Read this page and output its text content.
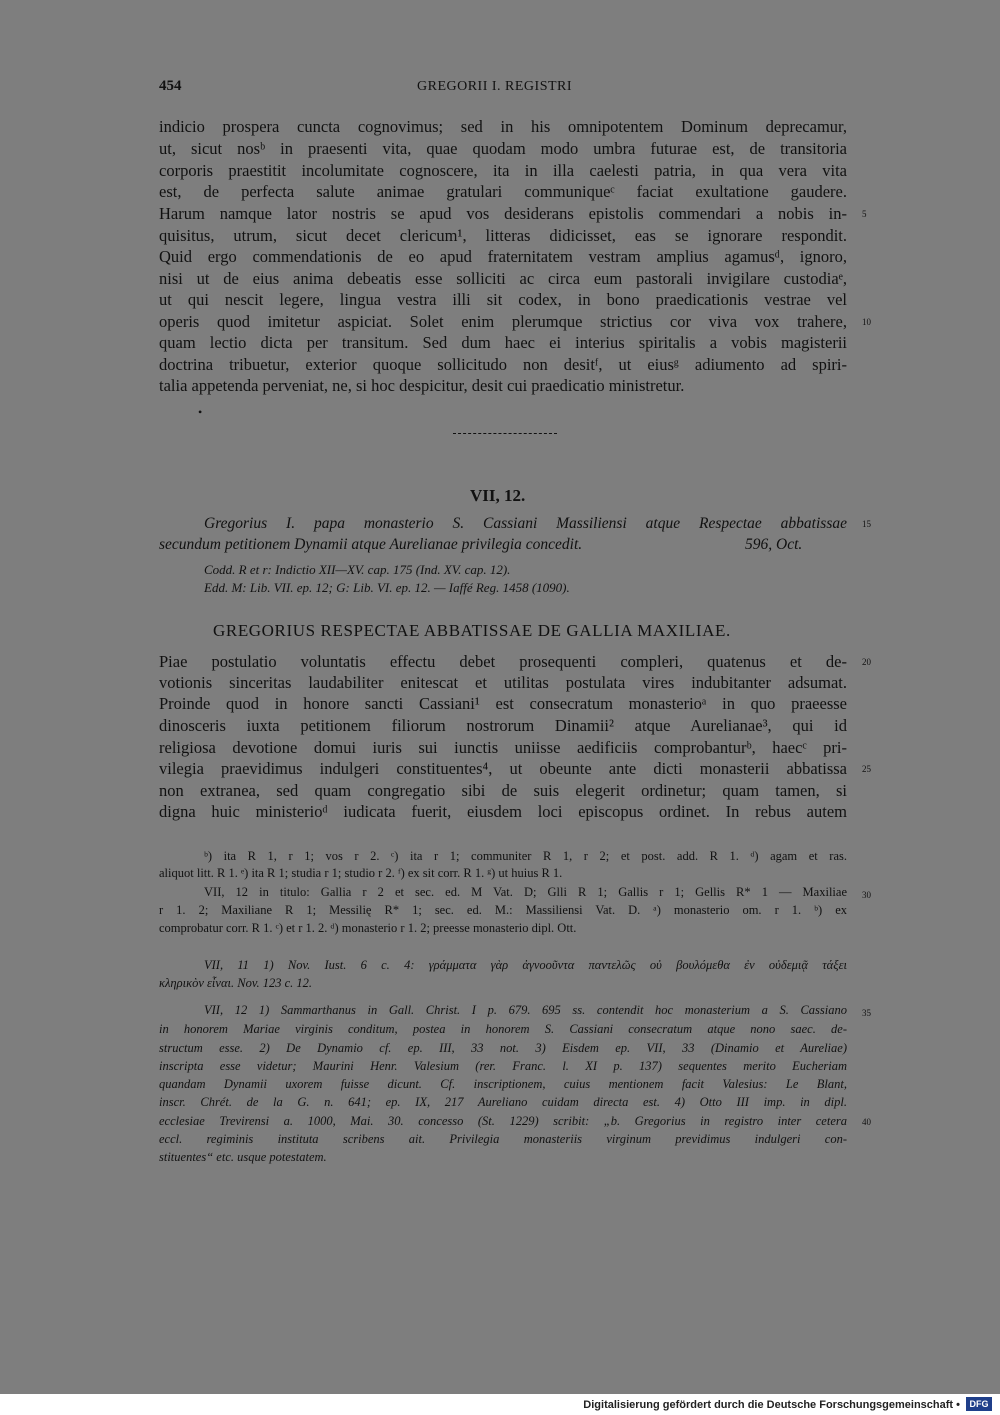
454	GREGORII I. REGISTRI
indicio prospera cuncta cognovimus; sed in his omnipotentem Dominum deprecamur,
ut, sicut nosᵇ in praesenti vita, quae quodam modo umbra futurae est, de transitoria
corporis praestitit incolumitate cognoscere, ita in illa caelesti patria, in qua vera vita
est, de perfecta salute animae gratulari communiqueᶜ faciat exultatione gaudere.
Harum namque lator nostris se apud vos desiderans epistolis commendari a nobis in-
quisitus, utrum, sicut decet clericum¹, litteras didicisset, eas se ignorare respondit.
Quid ergo commendationis de eo apud fraternitatem vestram amplius agamusᵈ, ignoro,
nisi ut de eius anima debeatis esse solliciti ac circa eum pastorali invigilare custodiaᵉ,
ut qui nescit legere, lingua vestra illi sit codex, in bono praedicationis vestrae vel
operis quod imitetur aspiciat. Solet enim plerumque strictius cor viva vox trahere,
quam lectio dicta per transitum. Sed dum haec ei interius spiritalis a vobis magisterii
doctrina tribuetur, exterior quoque sollicitudo non desitᶠ, ut eiusᵍ adiumento ad spiri-
talia appetenda perveniat, ne, si hoc despicitur, desit cui praedicatio ministretur.
5
10
•
VII, 12.
Gregorius I. papa monasterio S. Cassiani Massiliensi atque Respectae abbatissae
secundum petitionem Dynamii atque Aurelianae privilegia concedit.	596, Oct.
15
Codd. R et r: Indictio XII—XV. cap. 175 (Ind. XV. cap. 12).
Edd. M: Lib. VII. ep. 12; G: Lib. VI. ep. 12. — Iaffé Reg. 1458 (1090).
GREGORIUS RESPECTAE ABBATISSAE DE GALLIA MAXILIAE.
Piae postulatio voluntatis effectu debet prosequenti compleri, quatenus et de-
votionis sinceritas laudabiliter enitescat et utilitas postulata vires indubitanter adsumat.
Proinde quod in honore sancti Cassiani¹ est consecratum monasterioᵃ in quo praeesse
dinosceris iuxta petitionem filiorum nostrorum Dinamii² atque Aurelianae³, qui id
religiosa devotione domui iuris sui iunctis uniisse aedificiis comprobanturᵇ, haecᶜ pri-
vilegia praevidimus indulgeri constituentes⁴, ut obeunte ante dicti monasterii abbatissa
non extranea, sed quam congregatio sibi de suis elegerit ordinetur; quam tamen, si
digna huic ministerioᵈ iudicata fuerit, eiusdem loci episcopus ordinet. In rebus autem
20
25
ᵇ) ita R 1, r 1; vos r 2. ᶜ) ita r 1; communiter R 1, r 2; et post. add. R 1. ᵈ) agam et ras.
aliquot litt. R 1. ᵉ) ita R 1; studia r 1; studio r 2. ᶠ) ex sit corr. R 1. ᵍ) ut huius R 1.
VII, 12 in titulo: Gallia r 2 et sec. ed. M Vat. D; Glli R 1; Gallis r 1; Gellis R* 1 — Maxiliae
r 1. 2; Maxiliane R 1; Messilię R* 1; sec. ed. M.: Massiliensi Vat. D. ᵃ) monasterio om. r 1. ᵇ) ex
comprobatur corr. R 1. ᶜ) et r 1. 2. ᵈ) monasterio r 1. 2; preesse monasterio dipl. Ott.
VII, 11 1) Nov. Iust. 6 c. 4: γράμματα γὰρ ἀγνοοῦντα παντελῶς οὐ βουλόμεθα ἐν οὐδεμιᾷ τάξει
κληρικὸν εἶναι. Nov. 123 c. 12.
VII, 12 1) Sammarthanus in Gall. Christ. I p. 679. 695 ss. contendit hoc monasterium a S. Cassiano
in honorem Mariae virginis conditum, postea in honorem S. Cassiani consecratum atque nono saec. de-
structum esse. 2) De Dynamio cf. ep. III, 33 not. 3) Eisdem ep. VII, 33 (Dinamio et Aureliae)
inscripta esse videtur; Maurini Henr. Valesium (rer. Franc. l. XI p. 137) sequentes merito Eucheriam
quandam Dynamii uxorem fuisse dicunt. Cf. inscriptionem, cuius mentionem facit Valesius: Le Blant,
inscr. Chrét. de la G. n. 641; ep. IX, 217 Aureliano cuidam directa est. 4) Otto III imp. in dipl.
ecclesiae Trevirensi a. 1000, Mai. 30. concesso (St. 1229) scribit: „b. Gregorius in registro inter cetera
eccl. regiminis instituta scribens ait. Privilegia monasteriis virginum previdimus indulgeri con-
stituentes“ etc. usque potestatem.
30
35
40
Digitalisierung gefördert durch die Deutsche Forschungsgemeinschaft •	DFG
